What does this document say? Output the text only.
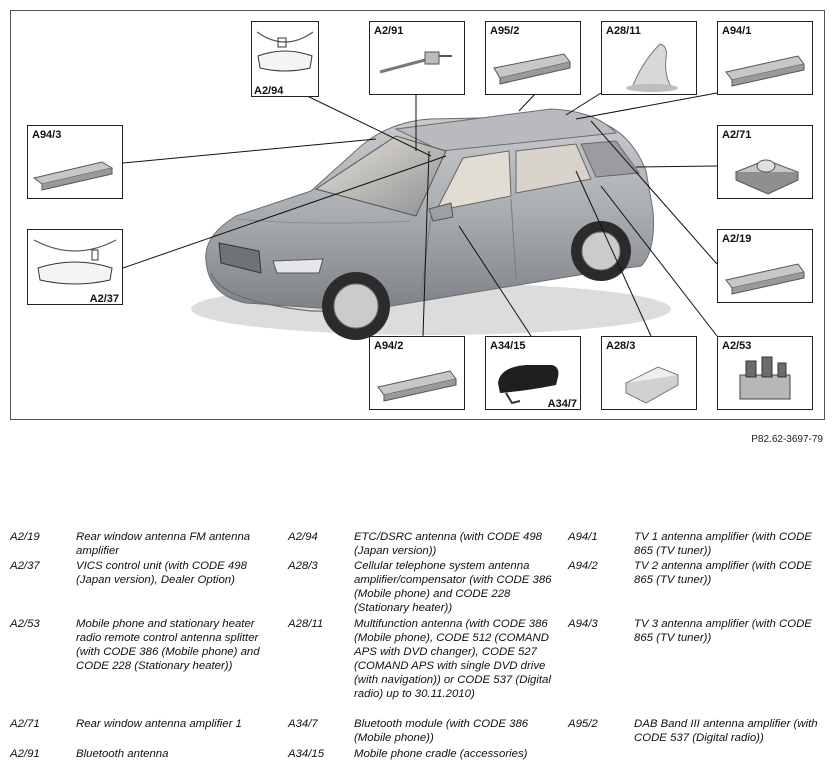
A2/94
A2/91	A95/2	A28/11	A94/1
A94/3	A2/71
A2/37
A2/19
A94/2	A34/15
A34/7
A28/3	A2/53
P82.62-3697-79
A2/19	Rear window antenna FM antenna amplifier
A2/37	VICS control unit (with CODE 498 (Japan version), Dealer Option)
A2/53	Mobile phone and stationary heater radio remote control antenna splitter (with CODE 386 (Mobile phone) and CODE 228 (Stationary heater))
A2/71	Rear window antenna amplifier 1
A2/91	Bluetooth antenna
A2/94	ETC/DSRC antenna (with CODE 498 (Japan version))
A28/3	Cellular telephone system antenna amplifier/compensator (with CODE 386 (Mobile phone) and CODE 228 (Stationary heater))
A28/11	Multifunction antenna (with CODE 386 (Mobile phone), CODE 512 (COMAND APS with DVD changer), CODE 527 (COMAND APS with single DVD drive (with navigation)) or CODE 537 (Digital radio) up to 30.11.2010)
A34/7	Bluetooth module (with CODE 386 (Mobile phone))
A34/15	Mobile phone cradle (accessories)
A94/1	TV 1 antenna amplifier (with CODE 865 (TV tuner))
A94/2	TV 2 antenna amplifier (with CODE 865 (TV tuner))
A94/3	TV 3 antenna amplifier (with CODE 865 (TV tuner))
A95/2	DAB Band III antenna amplifier (with CODE 537 (Digital radio))
